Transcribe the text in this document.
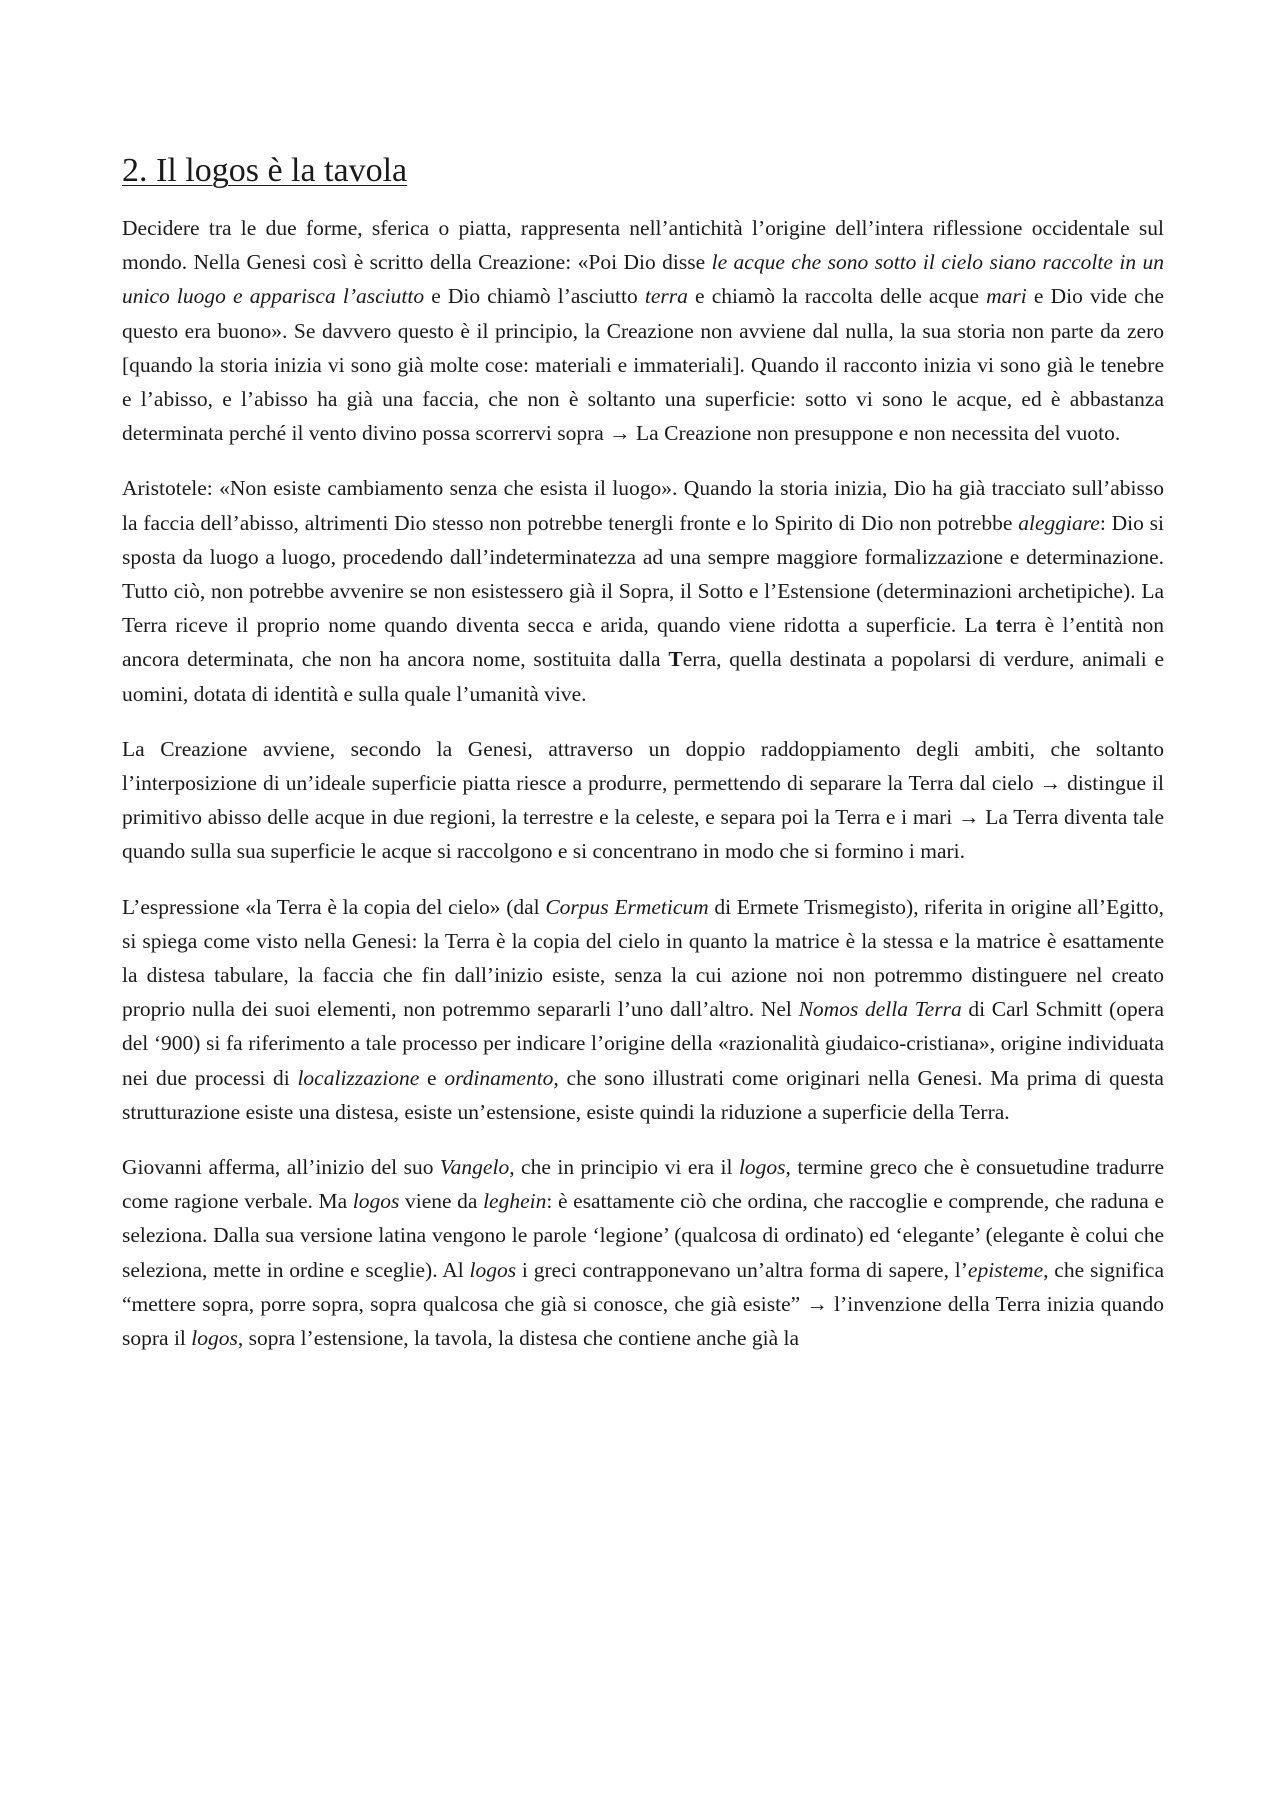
2. Il logos è la tavola

Decidere tra le due forme, sferica o piatta, rappresenta nell’antichità l’origine dell’intera riflessione occidentale sul mondo. Nella Genesi così è scritto della Creazione: «Poi Dio disse le acque che sono sotto il cielo siano raccolte in un unico luogo e apparisca l’asciutto e Dio chiamò l’asciutto terra e chiamò la raccolta delle acque mari e Dio vide che questo era buono». Se davvero questo è il principio, la Creazione non avviene dal nulla, la sua storia non parte da zero [quando la storia inizia vi sono già molte cose: materiali e immateriali]. Quando il racconto inizia vi sono già le tenebre e l’abisso, e l’abisso ha già una faccia, che non è soltanto una superficie: sotto vi sono le acque, ed è abbastanza determinata perché il vento divino possa scorrervi sopra → La Creazione non presuppone e non necessita del vuoto.

Aristotele: «Non esiste cambiamento senza che esista il luogo». Quando la storia inizia, Dio ha già tracciato sull’abisso la faccia dell’abisso, altrimenti Dio stesso non potrebbe tenergli fronte e lo Spirito di Dio non potrebbe aleggiare: Dio si sposta da luogo a luogo, procedendo dall’indeterminatezza ad una sempre maggiore formalizzazione e determinazione. Tutto ciò, non potrebbe avvenire se non esistessero già il Sopra, il Sotto e l’Estensione (determinazioni archetipiche). La Terra riceve il proprio nome quando diventa secca e arida, quando viene ridotta a superficie. La terra è l’entità non ancora determinata, che non ha ancora nome, sostituita dalla Terra, quella destinata a popolarsi di verdure, animali e uomini, dotata di identità e sulla quale l’umanità vive.

La Creazione avviene, secondo la Genesi, attraverso un doppio raddoppiamento degli ambiti, che soltanto l’interposizione di un’ideale superficie piatta riesce a produrre, permettendo di separare la Terra dal cielo → distingue il primitivo abisso delle acque in due regioni, la terrestre e la celeste, e separa poi la Terra e i mari → La Terra diventa tale quando sulla sua superficie le acque si raccolgono e si concentrano in modo che si formino i mari.

L’espressione «la Terra è la copia del cielo» (dal Corpus Ermeticum di Ermete Trismegisto), riferita in origine all’Egitto, si spiega come visto nella Genesi: la Terra è la copia del cielo in quanto la matrice è la stessa e la matrice è esattamente la distesa tabulare, la faccia che fin dall’inizio esiste, senza la cui azione noi non potremmo distinguere nel creato proprio nulla dei suoi elementi, non potremmo separarli l’uno dall’altro. Nel Nomos della Terra di Carl Schmitt (opera del ‘900) si fa riferimento a tale processo per indicare l’origine della «razionalità giudaico-cristiana», origine individuata nei due processi di localizzazione e ordinamento, che sono illustrati come originari nella Genesi. Ma prima di questa strutturazione esiste una distesa, esiste un’estensione, esiste quindi la riduzione a superficie della Terra.

Giovanni afferma, all’inizio del suo Vangelo, che in principio vi era il logos, termine greco che è consuetudine tradurre come ragione verbale. Ma logos viene da leghein: è esattamente ciò che ordina, che raccoglie e comprende, che raduna e seleziona. Dalla sua versione latina vengono le parole ‘legione’ (qualcosa di ordinato) ed ‘elegante’ (elegante è colui che seleziona, mette in ordine e sceglie). Al logos i greci contrapponevano un’altra forma di sapere, l’episteme, che significa “mettere sopra, porre sopra, sopra qualcosa che già si conosce, che già esiste” → l’invenzione della Terra inizia quando sopra il logos, sopra l’estensione, la tavola, la distesa che contiene anche già la
